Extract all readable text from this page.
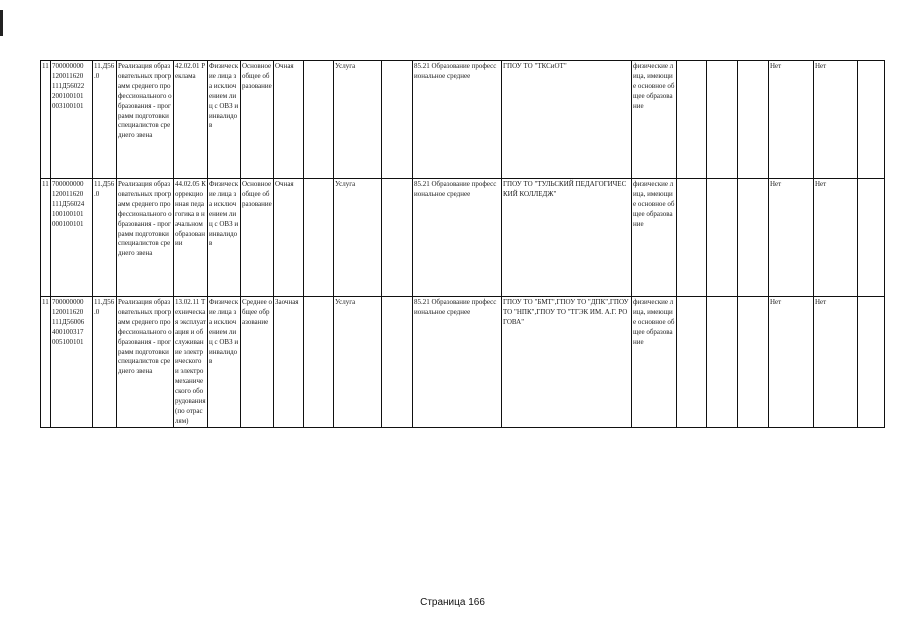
11	700000000
120011620
111Д56022
200100101
003100101	11.Д56
.0	Реализация образовательных программ среднего профессионального образования - программ подготовки специалистов среднего звена	42.02.01 Реклама	Физические лица за исключением лиц с ОВЗ и инвалидов	Основное общее образование	Очная		Услуга		85.21 Образование профессиональное среднее	ГПОУ ТО "ТКСиОТ"	физические лица, имеющие основное общее образование				Нет	Нет	
11	700000000
120011620
111Д56024
100100101
000100101	11.Д56
.0	Реализация образовательных программ среднего профессионального образования - программ подготовки специалистов среднего звена	44.02.05 Коррекционная педагогика в начальном образовании	Физические лица за исключением лиц с ОВЗ и инвалидов	Основное общее образование	Очная		Услуга		85.21 Образование профессиональное среднее	ГПОУ ТО "ТУЛЬСКИЙ ПЕДАГОГИЧЕСКИЙ КОЛЛЕДЖ"	физические лица, имеющие основное общее образование				Нет	Нет	
11	700000000
120011620
111Д56006
400100317
005100101	11.Д56
.0	Реализация образовательных программ среднего профессионального образования - программ подготовки специалистов среднего звена	13.02.11 Техническая эксплуатация и обслуживание электрического и электромеханического оборудования (по отраслям)	Физические лица за исключением лиц с ОВЗ и инвалидов	Среднее общее образование	Заочная		Услуга		85.21 Образование профессиональное среднее	ГПОУ ТО "БМТ",ГПОУ ТО "ДПК",ГПОУ ТО "НПК",ГПОУ ТО "ТГЭК ИМ. А.Г. РОГОВА"	физические лица, имеющие основное общее образование				Нет	Нет	
Страница 166
